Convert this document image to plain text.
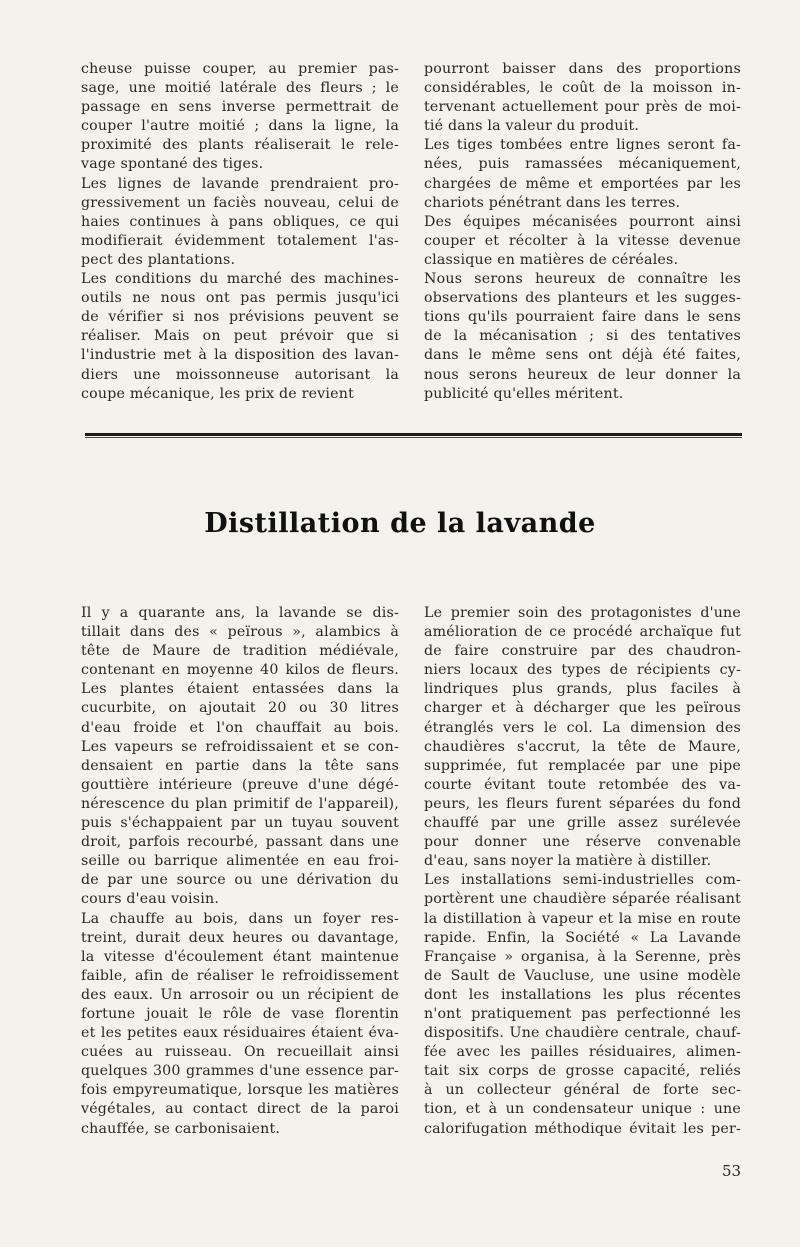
cheuse puisse couper, au premier pas-
sage, une moitié latérale des fleurs ; le
passage en sens inverse permettrait de
couper l'autre moitié ; dans la ligne, la
proximité des plants réaliserait le rele-
vage spontané des tiges.
Les lignes de lavande prendraient pro-
gressivement un faciès nouveau, celui de
haies continues à pans obliques, ce qui
modifierait évidemment totalement l'as-
pect des plantations.
Les conditions du marché des machines-
outils ne nous ont pas permis jusqu'ici
de vérifier si nos prévisions peuvent se
réaliser. Mais on peut prévoir que si
l'industrie met à la disposition des lavan-
diers une moissonneuse autorisant la
coupe mécanique, les prix de revient
pourront baisser dans des proportions
considérables, le coût de la moisson in-
tervenant actuellement pour près de moi-
tié dans la valeur du produit.
Les tiges tombées entre lignes seront fa-
nées, puis ramassées mécaniquement,
chargées de même et emportées par les
chariots pénétrant dans les terres.
Des équipes mécanisées pourront ainsi
couper et récolter à la vitesse devenue
classique en matières de céréales.
Nous serons heureux de connaître les
observations des planteurs et les sugges-
tions qu'ils pourraient faire dans le sens
de la mécanisation ; si des tentatives
dans le même sens ont déjà été faites,
nous serons heureux de leur donner la
publicité qu'elles méritent.
Distillation de la lavande
Il y a quarante ans, la lavande se dis-
tillait dans des « peïrous », alambics à
tête de Maure de tradition médiévale,
contenant en moyenne 40 kilos de fleurs.
Les plantes étaient entassées dans la
cucurbite, on ajoutait 20 ou 30 litres
d'eau froide et l'on chauffait au bois.
Les vapeurs se refroidissaient et se con-
densaient en partie dans la tête sans
gouttière intérieure (preuve d'une dégé-
nérescence du plan primitif de l'appareil),
puis s'échappaient par un tuyau souvent
droit, parfois recourbé, passant dans une
seille ou barrique alimentée en eau froi-
de par une source ou une dérivation du
cours d'eau voisin.
La chauffe au bois, dans un foyer res-
treint, durait deux heures ou davantage,
la vitesse d'écoulement étant maintenue
faible, afin de réaliser le refroidissement
des eaux. Un arrosoir ou un récipient de
fortune jouait le rôle de vase florentin
et les petites eaux résiduaires étaient éva-
cuées au ruisseau. On recueillait ainsi
quelques 300 grammes d'une essence par-
fois empyreumatique, lorsque les matières
végétales, au contact direct de la paroi
chauffée, se carbonisaient.
Le premier soin des protagonistes d'une
amélioration de ce procédé archaïque fut
de faire construire par des chaudron-
niers locaux des types de récipients cy-
lindriques plus grands, plus faciles à
charger et à décharger que les peïrous
étranglés vers le col. La dimension des
chaudières s'accrut, la tête de Maure,
supprimée, fut remplacée par une pipe
courte évitant toute retombée des va-
peurs, les fleurs furent séparées du fond
chauffé par une grille assez surélevée
pour donner une réserve convenable
d'eau, sans noyer la matière à distiller.
Les installations semi-industrielles com-
portèrent une chaudière séparée réalisant
la distillation à vapeur et la mise en route
rapide. Enfin, la Société « La Lavande
Française » organisa, à la Serenne, près
de Sault de Vaucluse, une usine modèle
dont les installations les plus récentes
n'ont pratiquement pas perfectionné les
dispositifs. Une chaudière centrale, chauf-
fée avec les pailles résiduaires, alimen-
tait six corps de grosse capacité, reliés
à un collecteur général de forte sec-
tion, et à un condensateur unique : une
calorifugation méthodique évitait les per-
53
